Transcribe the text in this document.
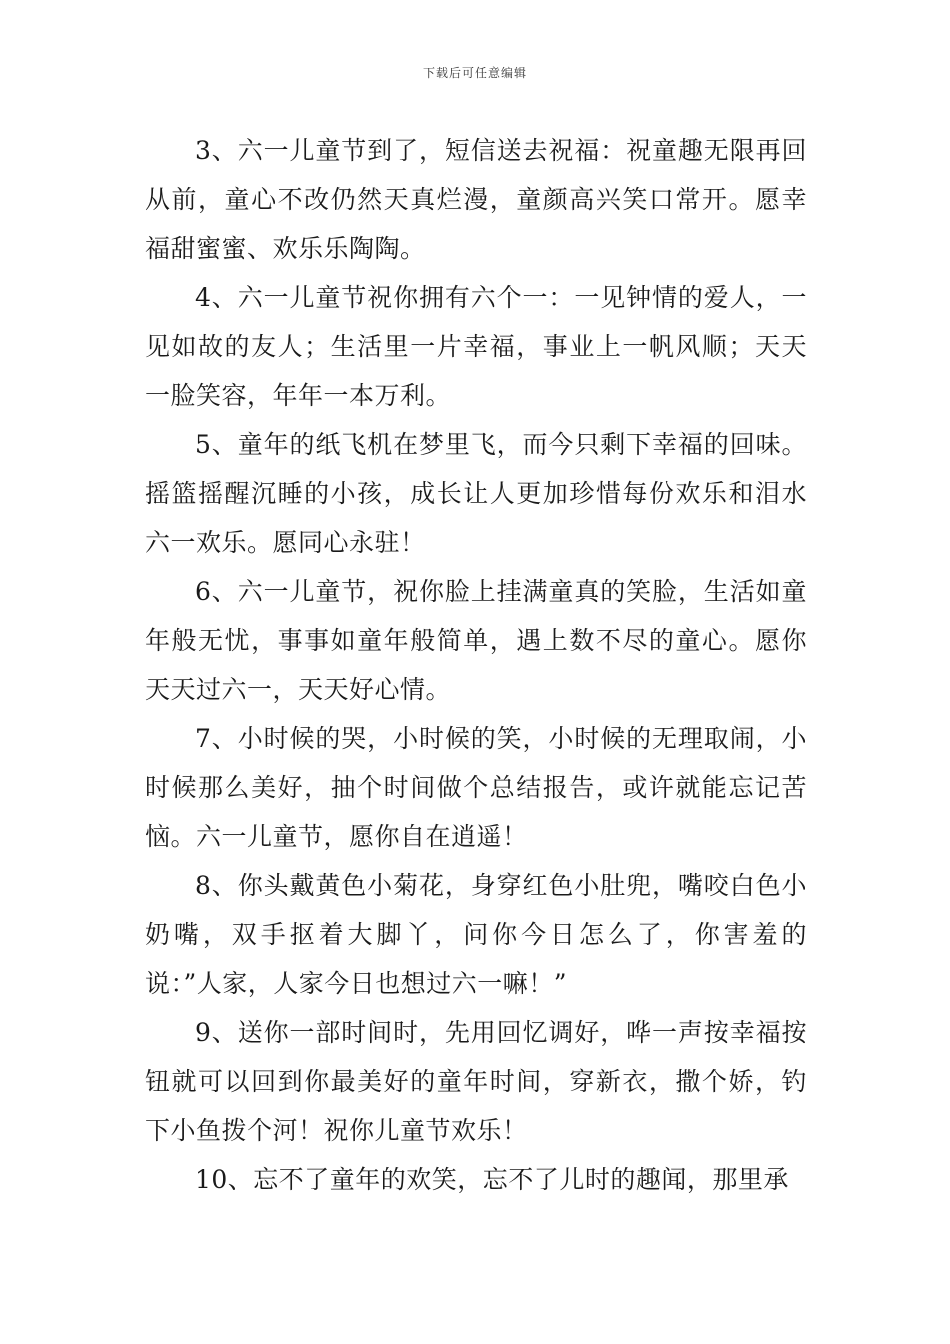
下载后可任意编辑

3、六一儿童节到了，短信送去祝福：祝童趣无限再回从前，童心不改仍然天真烂漫，童颜高兴笑口常开。愿幸福甜蜜蜜、欢乐乐陶陶。

4、六一儿童节祝你拥有六个一：一见钟情的爱人，一见如故的友人；生活里一片幸福，事业上一帆风顺；天天一脸笑容，年年一本万利。

5、童年的纸飞机在梦里飞，而今只剩下幸福的回味。摇篮摇醒沉睡的小孩，成长让人更加珍惜每份欢乐和泪水六一欢乐。愿同心永驻！

6、六一儿童节，祝你脸上挂满童真的笑脸，生活如童年般无忧，事事如童年般简单，遇上数不尽的童心。愿你天天过六一，天天好心情。

7、小时候的哭，小时候的笑，小时候的无理取闹，小时候那么美好，抽个时间做个总结报告，或许就能忘记苦恼。六一儿童节，愿你自在逍遥！

8、你头戴黄色小菊花，身穿红色小肚兜，嘴咬白色小奶嘴，双手抠着大脚丫，问你今日怎么了，你害羞的说：”人家，人家今日也想过六一嘛！”

9、送你一部时间时，先用回忆调好，哗一声按幸福按钮就可以回到你最美好的童年时间，穿新衣，撒个娇，钓下小鱼拨个河！祝你儿童节欢乐！

10、忘不了童年的欢笑，忘不了儿时的趣闻，那里承
